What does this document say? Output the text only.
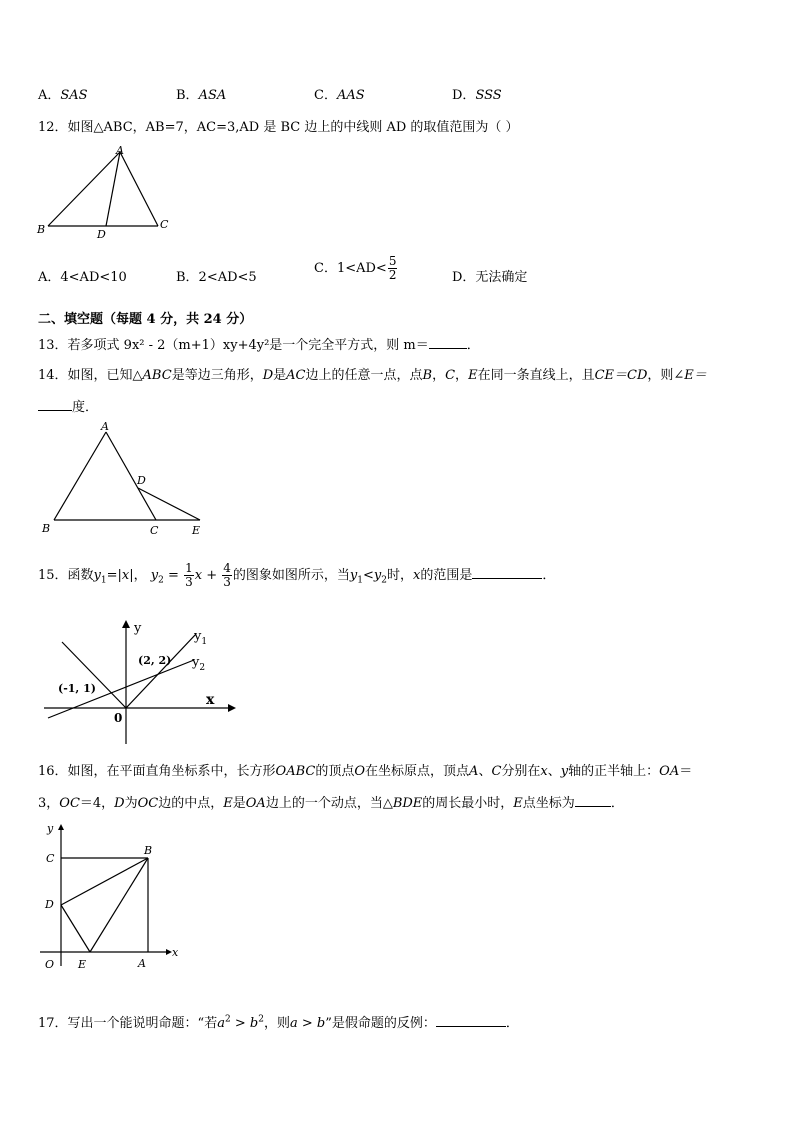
A．SAS	B．ASA	C．AAS	D．SSS
12．如图△ABC，AB=7，AC=3,AD 是 BC 边上的中线则 AD 的取值范围为（ ）
A
B	C
D
A．4<AD<10	B．2<AD<5
C．$1<AD< \frac{5}{2}$	D．无法确定
二、填空题（每题 4 分，共 24 分）
13．若多项式 9x² - 2（m+1）xy+4y²是一个完全平方式，则 m＝	．
14．如图，已知△ABC是等边三角形，D是AC边上的任意一点，点B，C，E在同一条直线上，且CE＝CD，则∠E＝
度．
A
B	C
D
E
15．函数$y_1=|x|$， $y_2 = \frac{1}{3}$ $x + \frac{4}{3}$ 的图象如图所示，当$y_1<y_2$时，x的范围是	．
y
x
0
(2, 2)
(-1, 1)
$y_1$
$y_2$
16．如图，在平面直角坐标系中，长方形OABC的顶点O在坐标原点，顶点A、C分别在x、y轴的正半轴上：OA＝
3，OC＝4，D为OC边的中点，E是OA边上的一个动点，当△BDE的周长最小时，E点坐标为	．
y
x
O	A
B
C
D
E
17．写出一个能说明命题：“若$a^2 > b^2$，则a > b”是假命题的反例：	．
